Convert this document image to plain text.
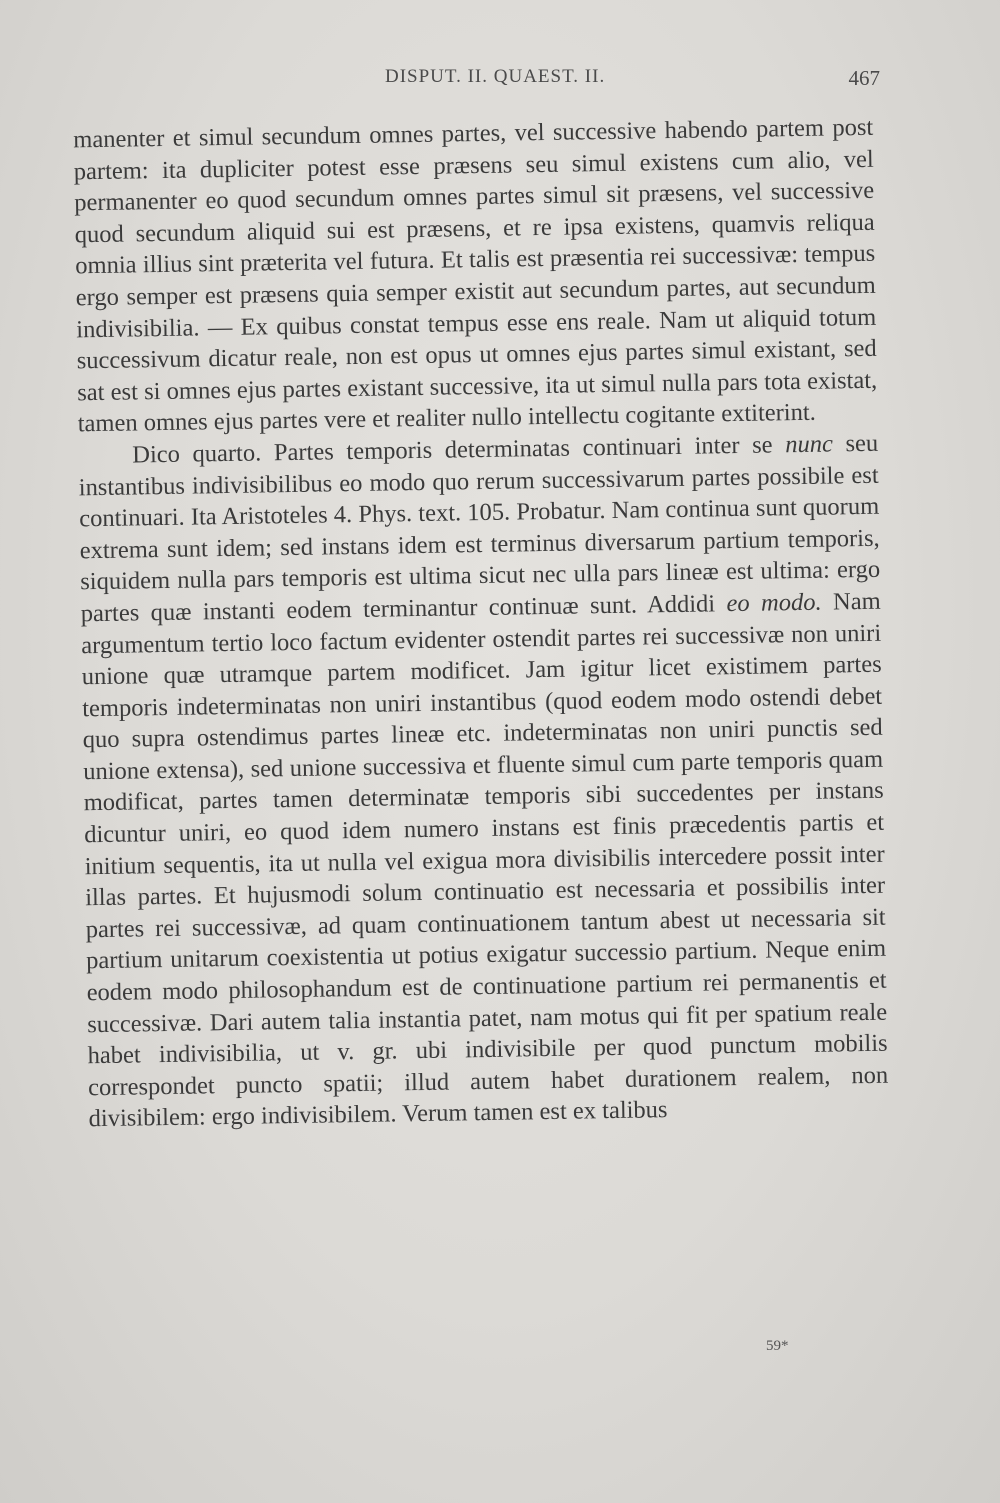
DISPUT. II. QUAEST. II.	467

manenter et simul secundum omnes partes, vel successive habendo partem post partem: ita dupliciter potest esse præsens seu simul existens cum alio, vel permanenter eo quod secundum omnes partes simul sit præsens, vel successive quod secundum aliquid sui est præsens, et re ipsa existens, quamvis reliqua omnia illius sint præterita vel futura. Et talis est præsentia rei successivæ: tempus ergo semper est præsens quia semper existit aut secundum partes, aut secundum indivisibilia. — Ex quibus constat tempus esse ens reale. Nam ut aliquid totum successivum dicatur reale, non est opus ut omnes ejus partes simul existant, sed sat est si omnes ejus partes existant successive, ita ut simul nulla pars tota existat, tamen omnes ejus partes vere et realiter nullo intellectu cogitante extiterint.

Dico quarto. Partes temporis determinatas continuari inter se nunc seu instantibus indivisibilibus eo modo quo rerum successivarum partes possibile est continuari. Ita Aristoteles 4. Phys. text. 105. Probatur. Nam continua sunt quorum extrema sunt idem; sed instans idem est terminus diversarum partium temporis, siquidem nulla pars temporis est ultima sicut nec ulla pars lineæ est ultima: ergo partes quæ instanti eodem terminantur continuæ sunt. Addidi eo modo. Nam argumentum tertio loco factum evidenter ostendit partes rei successivæ non uniri unione quæ utramque partem modificet. Jam igitur licet existimem partes temporis indeterminatas non uniri instantibus (quod eodem modo ostendi debet quo supra ostendimus partes lineæ etc. indeterminatas non uniri punctis sed unione extensa), sed unione successiva et fluente simul cum parte temporis quam modificat, partes tamen determinatæ temporis sibi succedentes per instans dicuntur uniri, eo quod idem numero instans est finis præcedentis partis et initium sequentis, ita ut nulla vel exigua mora divisibilis intercedere possit inter illas partes. Et hujusmodi solum continuatio est necessaria et possibilis inter partes rei successivæ, ad quam continuationem tantum abest ut necessaria sit partium unitarum coexistentia ut potius exigatur successio partium. Neque enim eodem modo philosophandum est de continuatione partium rei permanentis et successivæ. Dari autem talia instantia patet, nam motus qui fit per spatium reale habet indivisibilia, ut v. gr. ubi indivisibile per quod punctum mobilis correspondet puncto spatii; illud autem habet durationem realem, non divisibilem: ergo indivisibilem. Verum tamen est ex talibus

59*
